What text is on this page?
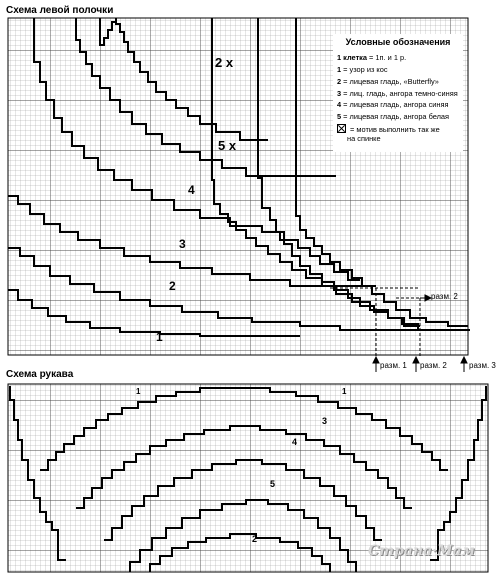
Схема левой полочки
2 x
5 x
4
3
2
1
разм. 1 разм. 2	разм. 3
разм. 2
Условные обозначения
1 клетка = 1п. и 1 р.
1 = узор из кос
2 = лицевая гладь, «Butterfly»
3 = лиц. гладь, ангора темно-синяя
4 = лицевая гладь, ангора синяя
5 = лицевая гладь, ангора белая
= мотив выполнить так же
на спинке
Схема рукава
1	1
3
4
5
2
Страна·Мам
